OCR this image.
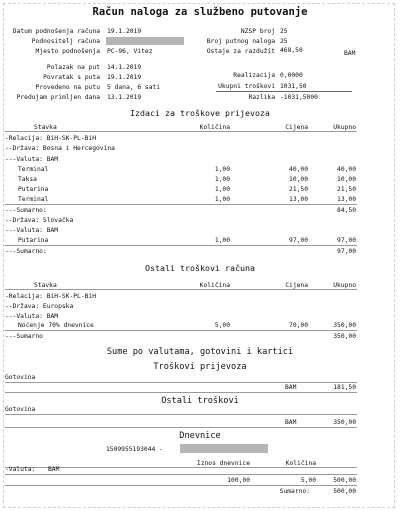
Račun naloga za službeno putovanje
Datum podnošenja računa 19.1.2019
Podnositelj računa
Mjesto podnošenja PC-96, Vitez
NZSP broj 25
Broj putnog naloga 25
Ostaje za razdužit 468,50	BAM
Polazak na put 14.1.2019
Povratak s puta 19.1.2019
Provedeno na putu 5 dana, 6 sati
Predujam primljen dana 13.1.2019
Realizacija 0,0000
Ukupni troškovi 1031,50
Razlika -1031,5000
Izdaci za troškove prijevoza
Stavka	Količina	Cijena	Ukupno
-Relacija: BiH-SK-PL-BiH
--Država: Bosna i Hercegovina
---Valuta: BAM
Terminal	1,00	40,00	40,00
Taksa	1,00	10,00	10,00
Putarina	1,00	21,50	21,50
Terminal	1,00	13,00	13,00
---Sumarno:	84,50
--Država: Slovačka
---Valuta: BAM
Putarina	1,00	97,00	97,00
---Sumarno:	97,00
Ostali troškovi računa
Stavka	Količina	Cijena	Ukupno
-Relacija: BiH-SK-PL-BiH
--Država: Europska
---Valuta: BAM
Noćenje 70% dnevnice	5,00	70,00	350,00
---Sumarno	350,00
Sume po valutama, gotovini i kartici
Troškovi prijevoza
Gotovina
BAM	181,50
Ostali troškovi
Gotovina
BAM	350,00
Dnevnice
1509955193044 -
Iznos dnevnice	Količina
-Valuta: BAM
100,00	5,00	500,00
Sumarno:	500,00
